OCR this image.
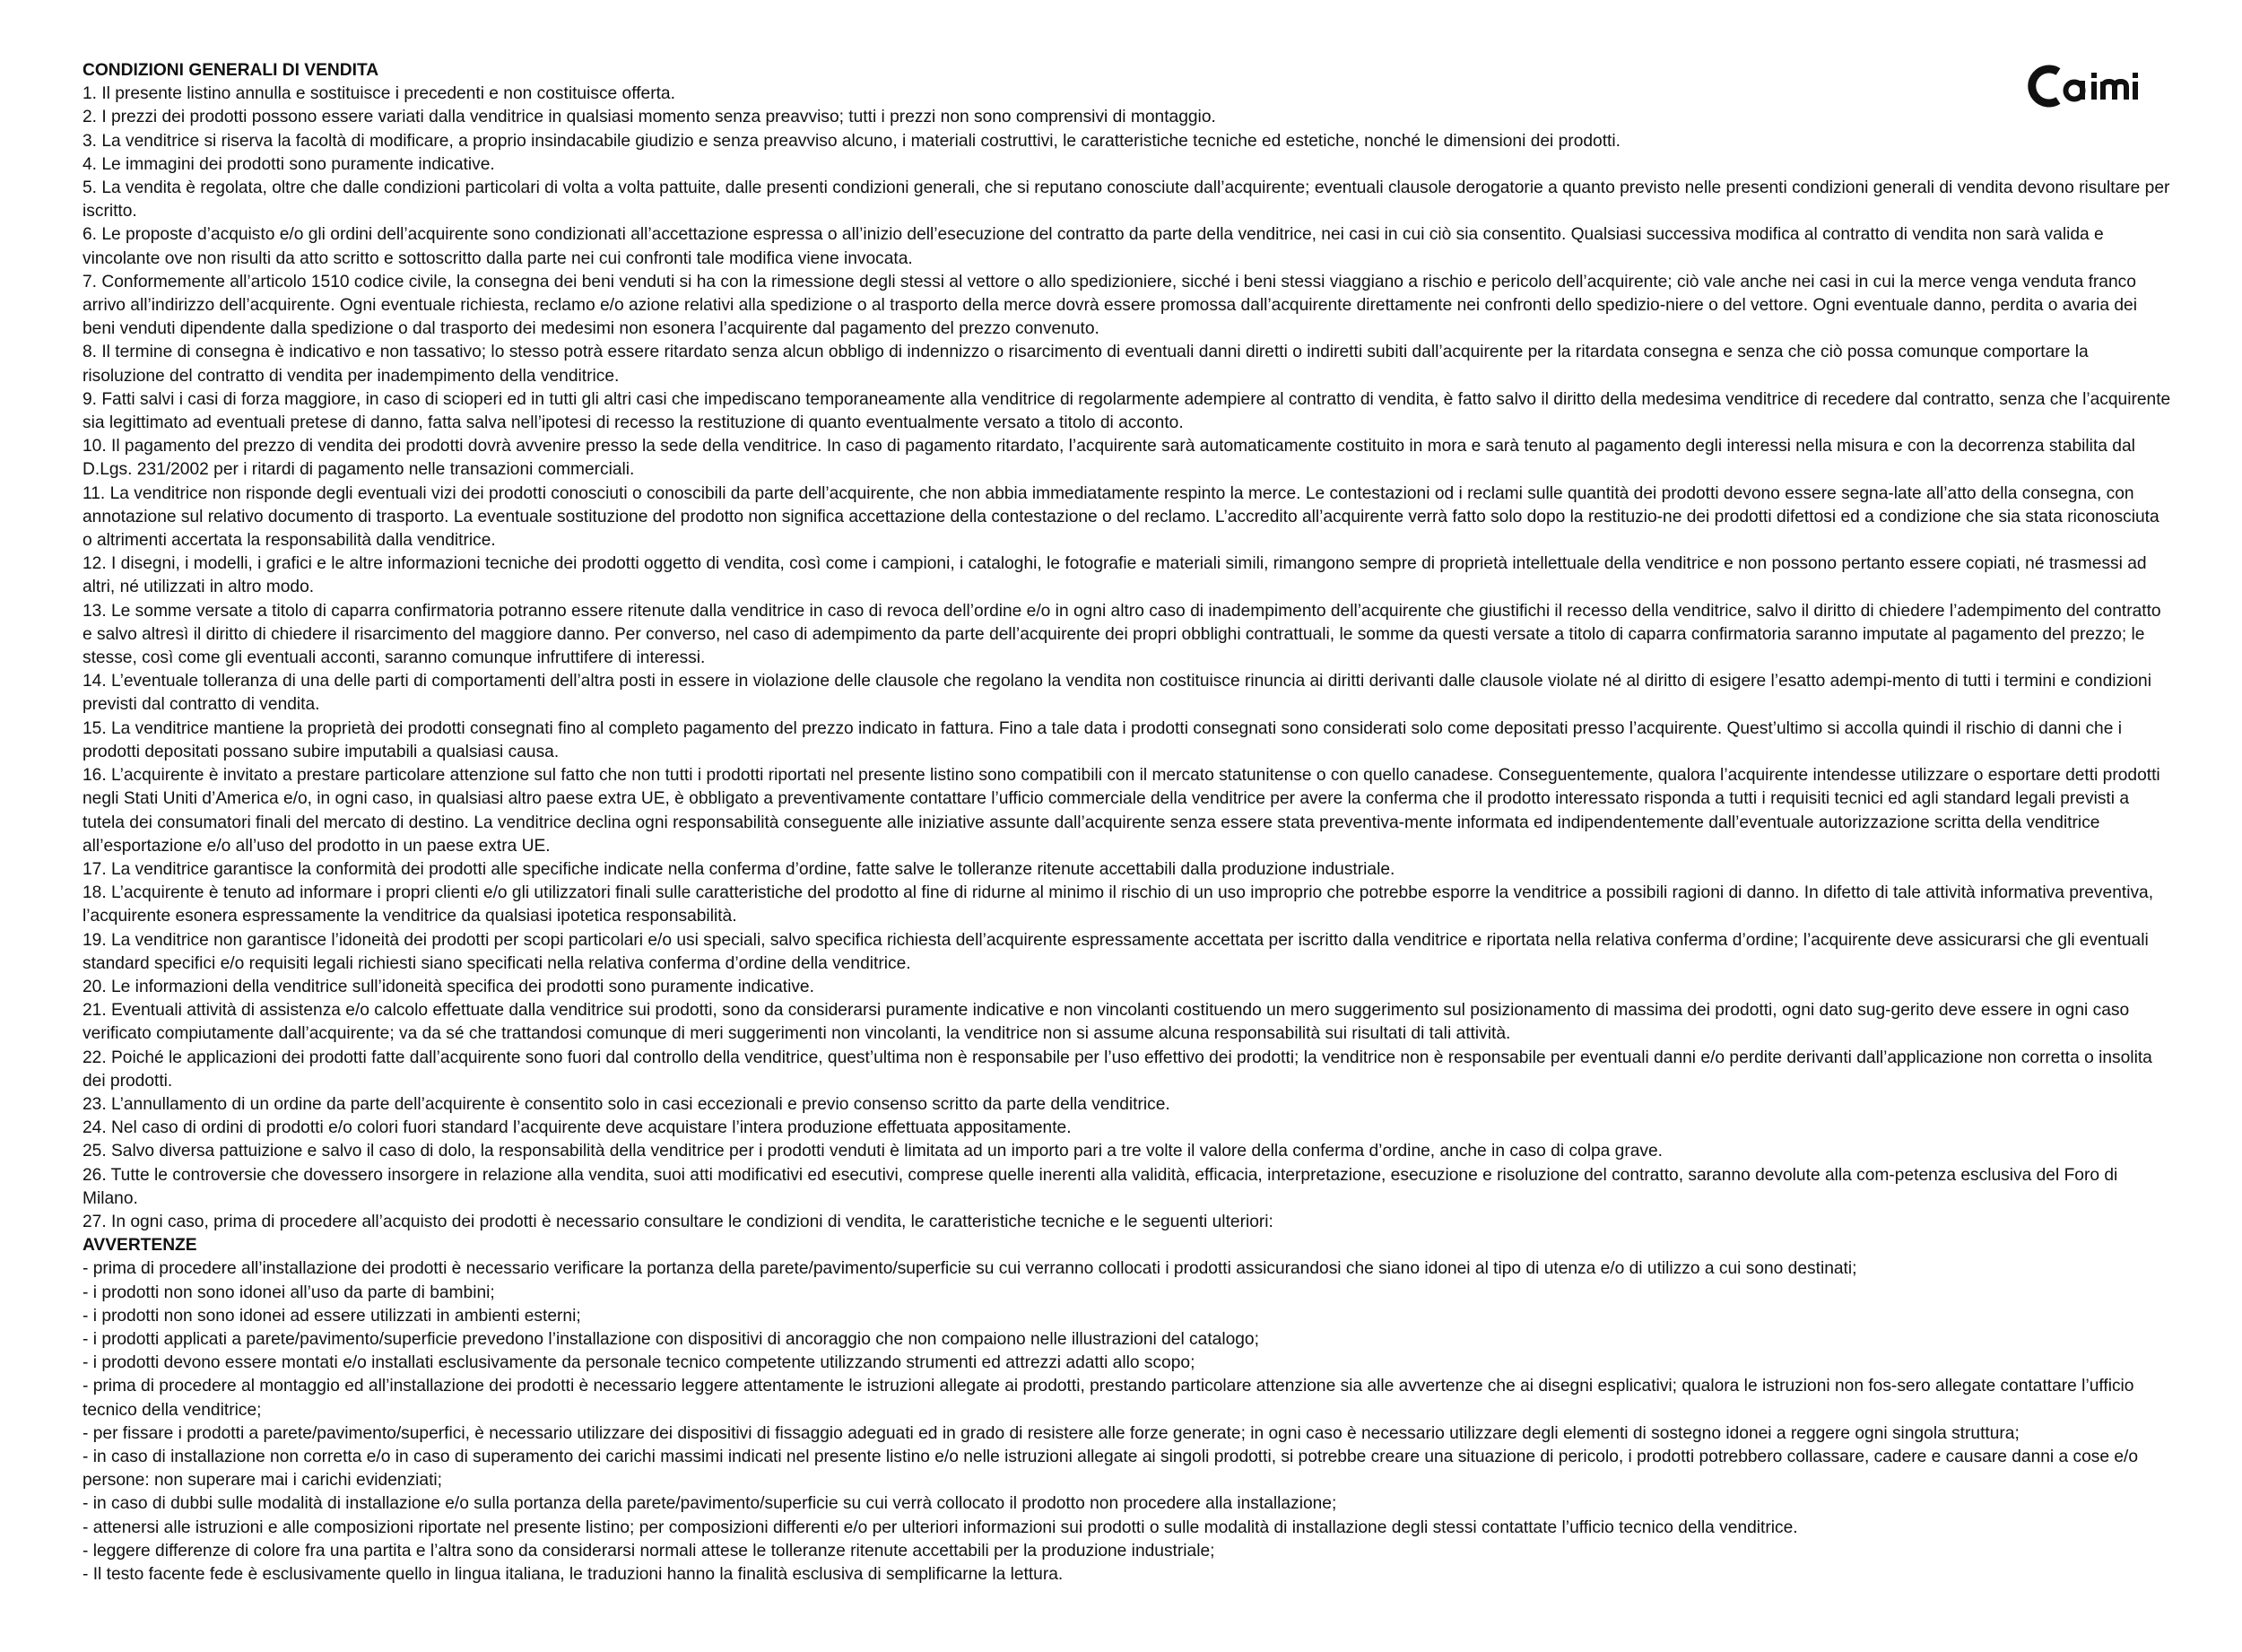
CONDIZIONI GENERALI DI VENDITA

1. Il presente listino annulla e sostituisce i precedenti e non costituisce offerta.

2. I prezzi dei prodotti possono essere variati dalla venditrice in qualsiasi momento senza preavviso; tutti i prezzi non sono comprensivi di montaggio.

3. La venditrice si riserva la facoltà di modificare, a proprio insindacabile giudizio e senza preavviso alcuno, i materiali costruttivi, le caratteristiche tecniche ed estetiche, nonché le dimensioni dei prodotti.

4. Le immagini dei prodotti sono puramente indicative.

5. La vendita è regolata, oltre che dalle condizioni particolari di volta a volta pattuite, dalle presenti condizioni generali, che si reputano conosciute dall’acquirente; eventuali clausole derogatorie a quanto previsto nelle presenti condizioni generali di vendita devono risultare per iscritto.

6. Le proposte d’acquisto e/o gli ordini dell’acquirente sono condizionati all’accettazione espressa o all’inizio dell’esecuzione del contratto da parte della venditrice, nei casi in cui ciò sia consentito. Qualsiasi successiva modifica al contratto di vendita non sarà valida e vincolante ove non risulti da atto scritto e sottoscritto dalla parte nei cui confronti tale modifica viene invocata.

7. Conformemente all’articolo 1510 codice civile, la consegna dei beni venduti si ha con la rimessione degli stessi al vettore o allo spedizioniere, sicché i beni stessi viaggiano a rischio e pericolo dell’acquirente; ciò vale anche nei casi in cui la merce venga venduta franco arrivo all’indirizzo dell’acquirente. Ogni eventuale richiesta, reclamo e/o azione relativi alla spedizione o al trasporto della merce dovrà essere promossa dall’acquirente direttamente nei confronti dello spedizio-niere o del vettore. Ogni eventuale danno, perdita o avaria dei beni venduti dipendente dalla spedizione o dal trasporto dei medesimi non esonera l’acquirente dal pagamento del prezzo convenuto.

8. Il termine di consegna è indicativo e non tassativo; lo stesso potrà essere ritardato senza alcun obbligo di indennizzo o risarcimento di eventuali danni diretti o indiretti subiti dall’acquirente per la ritardata consegna e senza che ciò possa comunque comportare la risoluzione del contratto di vendita per inadempimento della venditrice.

9. Fatti salvi i casi di forza maggiore, in caso di scioperi ed in tutti gli altri casi che impediscano temporaneamente alla venditrice di regolarmente adempiere al contratto di vendita, è fatto salvo il diritto della medesima venditrice di recedere dal contratto, senza che l’acquirente sia legittimato ad eventuali pretese di danno, fatta salva nell’ipotesi di recesso la restituzione di quanto eventualmente versato a titolo di acconto.

10. Il pagamento del prezzo di vendita dei prodotti dovrà avvenire presso la sede della venditrice. In caso di pagamento ritardato, l’acquirente sarà automaticamente costituito in mora e sarà tenuto al pagamento degli interessi nella misura e con la decorrenza stabilita dal D.Lgs. 231/2002 per i ritardi di pagamento nelle transazioni commerciali.

11. La venditrice non risponde degli eventuali vizi dei prodotti conosciuti o conoscibili da parte dell’acquirente, che non abbia immediatamente respinto la merce. Le contestazioni od i reclami sulle quantità dei prodotti devono essere segna-late all’atto della consegna, con annotazione sul relativo documento di trasporto. La eventuale sostituzione del prodotto non significa accettazione della contestazione o del reclamo. L’accredito all’acquirente verrà fatto solo dopo la restituzio-ne dei prodotti difettosi ed a condizione che sia stata riconosciuta o altrimenti accertata la responsabilità dalla venditrice.

12. I disegni, i modelli, i grafici e le altre informazioni tecniche dei prodotti oggetto di vendita, così come i campioni, i cataloghi, le fotografie e materiali simili, rimangono sempre di proprietà intellettuale della venditrice e non possono pertanto essere copiati, né trasmessi ad altri, né utilizzati in altro modo.

13. Le somme versate a titolo di caparra confirmatoria potranno essere ritenute dalla venditrice in caso di revoca dell’ordine e/o in ogni altro caso di inadempimento dell’acquirente che giustifichi il recesso della venditrice, salvo il diritto di chiedere l’adempimento del contratto e salvo altresì il diritto di chiedere il risarcimento del maggiore danno. Per converso, nel caso di adempimento da parte dell’acquirente dei propri obblighi contrattuali, le somme da questi versate a titolo di caparra confirmatoria saranno imputate al pagamento del prezzo; le stesse, così come gli eventuali acconti, saranno comunque infruttifere di interessi.

14. L’eventuale tolleranza di una delle parti di comportamenti dell’altra posti in essere in violazione delle clausole che regolano la vendita non costituisce rinuncia ai diritti derivanti dalle clausole violate né al diritto di esigere l’esatto adempi-mento di tutti i termini e condizioni previsti dal contratto di vendita.

15. La venditrice mantiene la proprietà dei prodotti consegnati fino al completo pagamento del prezzo indicato in fattura. Fino a tale data i prodotti consegnati sono considerati solo come depositati presso l’acquirente. Quest’ultimo si accolla quindi il rischio di danni che i prodotti depositati possano subire imputabili a qualsiasi causa.

16. L’acquirente è invitato a prestare particolare attenzione sul fatto che non tutti i prodotti riportati nel presente listino sono compatibili con il mercato statunitense o con quello canadese. Conseguentemente, qualora l’acquirente intendesse utilizzare o esportare detti prodotti negli Stati Uniti d’America e/o, in ogni caso, in qualsiasi altro paese extra UE, è obbligato a preventivamente contattare l’ufficio commerciale della venditrice per avere la conferma che il prodotto interessato risponda a tutti i requisiti tecnici ed agli standard legali previsti a tutela dei consumatori finali del mercato di destino. La venditrice declina ogni responsabilità conseguente alle iniziative assunte dall’acquirente senza essere stata preventiva-mente informata ed indipendentemente dall’eventuale autorizzazione scritta della venditrice all’esportazione e/o all’uso del prodotto in un paese extra UE.

17. La venditrice garantisce la conformità dei prodotti alle specifiche indicate nella conferma d’ordine, fatte salve le tolleranze ritenute accettabili dalla produzione industriale.

18. L’acquirente è tenuto ad informare i propri clienti e/o gli utilizzatori finali sulle caratteristiche del prodotto al fine di ridurne al minimo il rischio di un uso improprio che potrebbe esporre la venditrice a possibili ragioni di danno. In difetto di tale attività informativa preventiva, l’acquirente esonera espressamente la venditrice da qualsiasi ipotetica responsabilità.

19. La venditrice non garantisce l’idoneità dei prodotti per scopi particolari e/o usi speciali, salvo specifica richiesta dell’acquirente espressamente accettata per iscritto dalla venditrice e riportata nella relativa conferma d’ordine; l’acquirente deve assicurarsi che gli eventuali standard specifici e/o requisiti legali richiesti siano specificati nella relativa conferma d’ordine della venditrice.

20. Le informazioni della venditrice sull’idoneità specifica dei prodotti sono puramente indicative.

21. Eventuali attività di assistenza e/o calcolo effettuate dalla venditrice sui prodotti, sono da considerarsi puramente indicative e non vincolanti costituendo un mero suggerimento sul posizionamento di massima dei prodotti, ogni dato sug-gerito deve essere in ogni caso verificato compiutamente dall’acquirente; va da sé che trattandosi comunque di meri suggerimenti non vincolanti, la venditrice non si assume alcuna responsabilità sui risultati di tali attività.

22. Poiché le applicazioni dei prodotti fatte dall’acquirente sono fuori dal controllo della venditrice, quest’ultima non è responsabile per l’uso effettivo dei prodotti; la venditrice non è responsabile per eventuali danni e/o perdite derivanti dall’applicazione non corretta o insolita dei prodotti.

23. L’annullamento di un ordine da parte dell’acquirente è consentito solo in casi eccezionali e previo consenso scritto da parte della venditrice.

24. Nel caso di ordini di prodotti e/o colori fuori standard l’acquirente deve acquistare l’intera produzione effettuata appositamente.

25. Salvo diversa pattuizione e salvo il caso di dolo, la responsabilità della venditrice per i prodotti venduti è limitata ad un importo pari a tre volte il valore della conferma d’ordine, anche in caso di colpa grave.

26. Tutte le controversie che dovessero insorgere in relazione alla vendita, suoi atti modificativi ed esecutivi, comprese quelle inerenti alla validità, efficacia, interpretazione, esecuzione e risoluzione del contratto, saranno devolute alla com-petenza esclusiva del Foro di Milano.

27. In ogni caso, prima di procedere all’acquisto dei prodotti è necessario consultare le condizioni di vendita, le caratteristiche tecniche e le seguenti ulteriori:

AVVERTENZE

- prima di procedere all’installazione dei prodotti è necessario verificare la portanza della parete/pavimento/superficie su cui verranno collocati i prodotti assicurandosi che siano idonei al tipo di utenza e/o di utilizzo a cui sono destinati;

- i prodotti non sono idonei all’uso da parte di bambini;

- i prodotti non sono idonei ad essere utilizzati in ambienti esterni;

- i prodotti applicati a parete/pavimento/superficie prevedono l’installazione con dispositivi di ancoraggio che non compaiono nelle illustrazioni del catalogo;

- i prodotti devono essere montati e/o installati esclusivamente da personale tecnico competente utilizzando strumenti ed attrezzi adatti allo scopo;

- prima di procedere al montaggio ed all’installazione dei prodotti è necessario leggere attentamente le istruzioni allegate ai prodotti, prestando particolare attenzione sia alle avvertenze che ai disegni esplicativi; qualora le istruzioni non fos-sero allegate contattare l’ufficio tecnico della venditrice;

- per fissare i prodotti a parete/pavimento/superfici, è necessario utilizzare dei dispositivi di fissaggio adeguati ed in grado di resistere alle forze generate; in ogni caso è necessario utilizzare degli elementi di sostegno idonei a reggere ogni singola struttura;

- in caso di installazione non corretta e/o in caso di superamento dei carichi massimi indicati nel presente listino e/o nelle istruzioni allegate ai singoli prodotti, si potrebbe creare una situazione di pericolo, i prodotti potrebbero collassare, cadere e causare danni a cose e/o persone: non superare mai i carichi evidenziati;

- in caso di dubbi sulle modalità di installazione e/o sulla portanza della parete/pavimento/superficie su cui verrà collocato il prodotto non procedere alla installazione;

- attenersi alle istruzioni e alle composizioni riportate nel presente listino; per composizioni differenti e/o per ulteriori informazioni sui prodotti o sulle modalità di installazione degli stessi contattate l’ufficio tecnico della venditrice.

- leggere differenze di colore fra una partita e l’altra sono da considerarsi normali attese le tolleranze ritenute accettabili per la produzione industriale;

- Il testo facente fede è esclusivamente quello in lingua italiana, le traduzioni hanno la finalità esclusiva di semplificarne la lettura.
